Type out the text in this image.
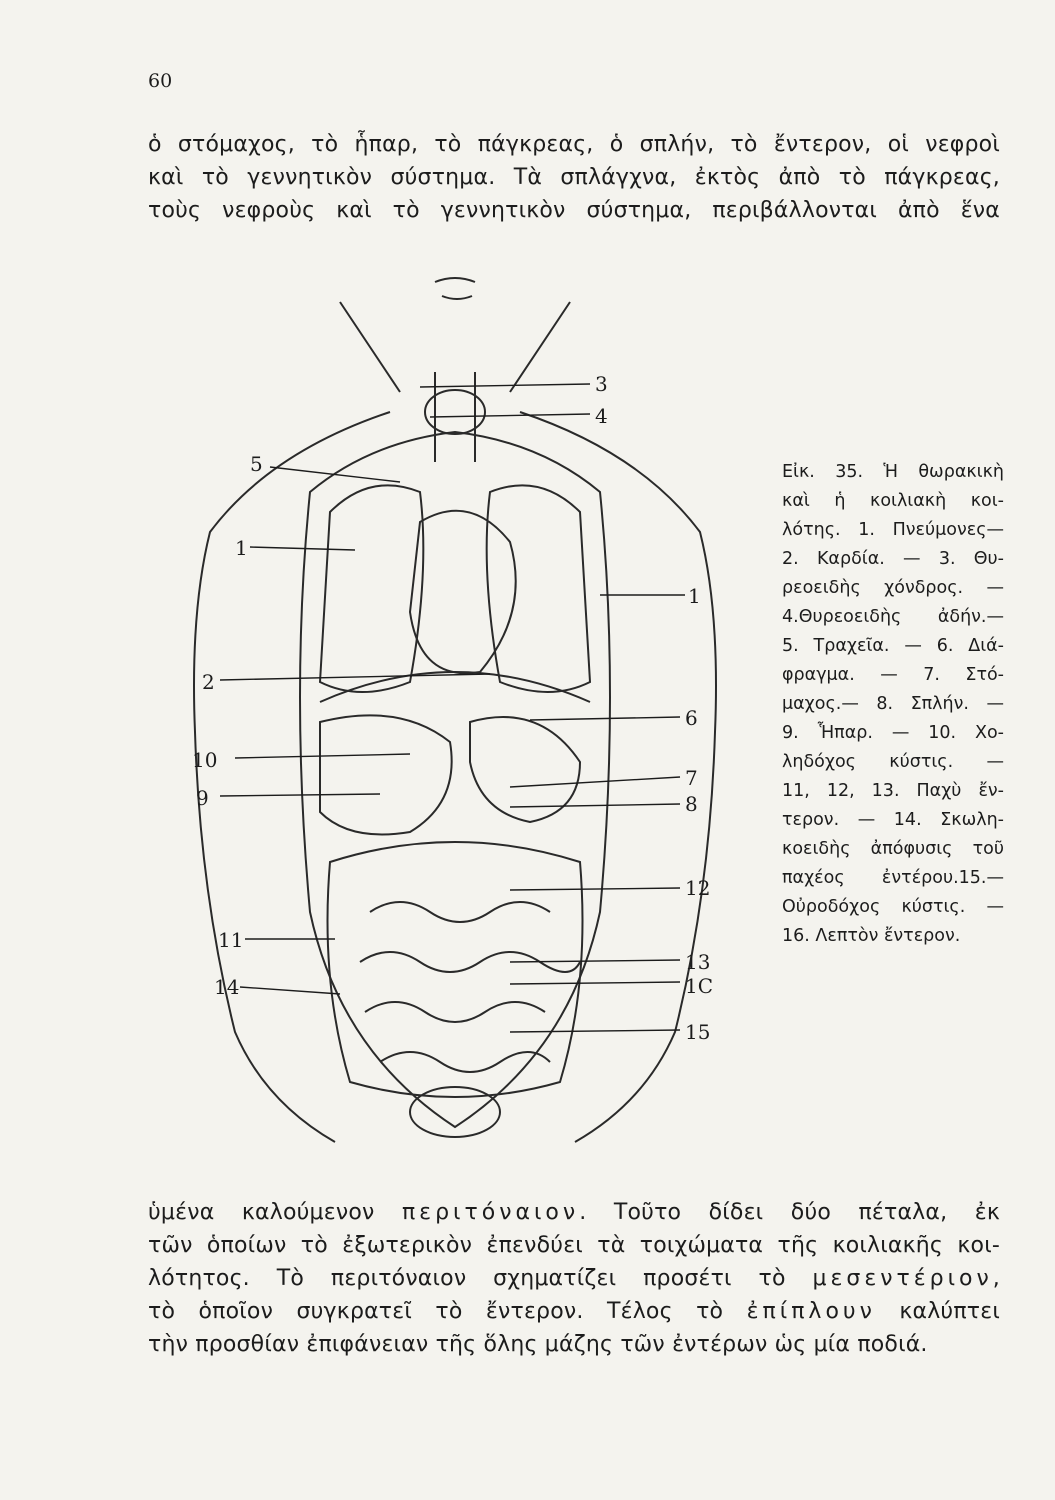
60
ὁ στόμαχος, τὸ ἧπαρ, τὸ πάγκρεας, ὁ σπλήν, τὸ ἔντερον, οἱ νεφροὶ
καὶ τὸ γεννητικὸν σύστημα. Τὰ σπλάγχνα, ἐκτὸς ἀπὸ τὸ πάγκρεας,
τοὺς νεφροὺς καὶ τὸ γεννητικὸν σύστημα, περιβάλλονται ἀπὸ ἕνα
3
4
5
1
1
2
6
10
7
9	8
12
11
13
1C
14
15
Εἰκ. 35. Ἡ θωρακικὴ
καὶ ἡ κοιλιακὴ κοι-
λότης. 1. Πνεύμονες—
2. Καρδία. — 3. Θυ-
ρεοειδὴς χόνδρος. —
4.Θυρεοειδὴς ἀδήν.—
5. Τραχεῖα. — 6. Διά-
φραγμα. — 7. Στό-
μαχος.— 8. Σπλήν. —
9. Ἧπαρ. — 10. Χο-
ληδόχος κύστις. —
11, 12, 13. Παχὺ ἔν-
τερον. — 14. Σκωλη-
κοειδὴς ἀπόφυσις τοῦ
παχέος ἐντέρου.15.—
Οὐροδόχος κύστις. —
16. Λεπτὸν ἔντερον.
ὑμένα καλούμενον περιτόναιον. Τοῦτο δίδει δύο πέταλα, ἐκ
τῶν ὁποίων τὸ ἐξωτερικὸν ἐπενδύει τὰ τοιχώματα τῆς κοιλιακῆς κοι-
λότητος. Τὸ περιτόναιον σχηματίζει προσέτι τὸ μεσεντέριον,
τὸ ὁποῖον συγκρατεῖ τὸ ἔντερον. Τέλος τὸ ἐπίπλουν καλύπτει
τὴν προσθίαν ἐπιφάνειαν τῆς ὅλης μάζης τῶν ἐντέρων ὡς μία ποδιά.
